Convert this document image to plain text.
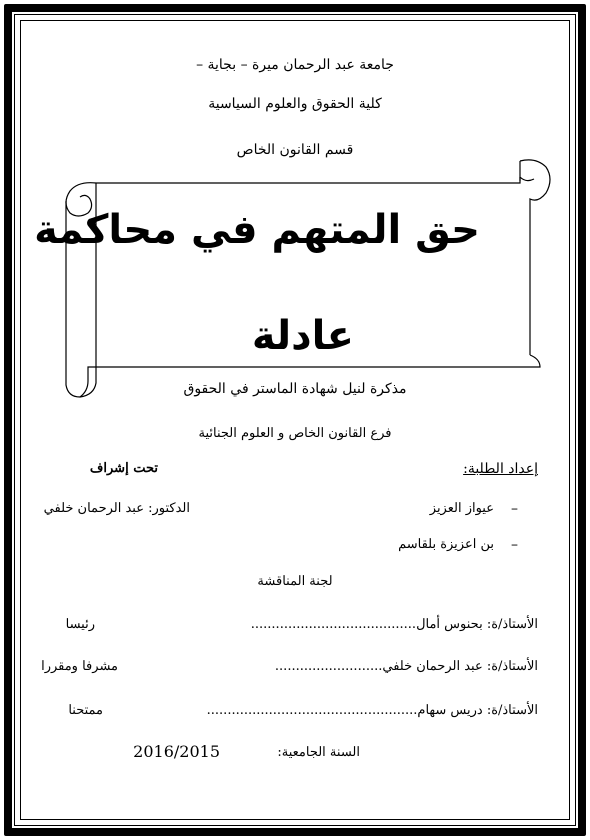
جامعة عبد الرحمان ميرة – بجاية –
كلية الحقوق والعلوم السياسية
قسم القانون الخاص
حق المتهم في محاكمة
عادلة
مذكرة لنيل شهادة الماستر في الحقوق
فرع القانون الخاص و العلوم الجنائية
إعداد الطلبة:
تحت إشراف
–
عيواز العزيز
الدكتور: عبد الرحمان خلفي
–
بن اعزيزة بلقاسم
لجنة المناقشة
الأستاذ/ة: بحنوس أمال........................................
رئيسا
الأستاذ/ة: عبد الرحمان خلفي..........................
مشرفا ومقررا
الأستاذ/ة: دريس سهام...................................................
ممتحنا
السنة الجامعية:
2016/2015
